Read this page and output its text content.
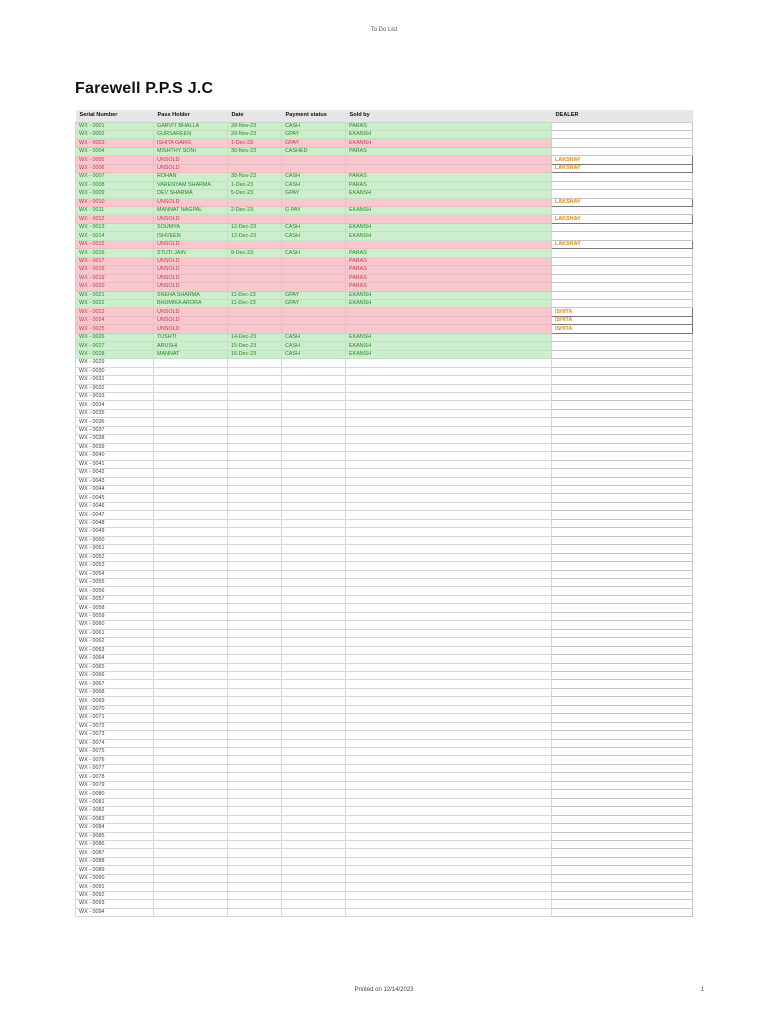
To Do List
Farewell P.P.S J.C
Serial Number	Pass Holder	Date	Payment status	Sold by	DEALER
WX - 0001	GARVIT BHALLA	28-Nov-23	CASH	PARAS	
WX - 0002	GURSAREEN	29-Nov-23	GPAY	EKANSH	
WX - 0003	ISHITA GARG	1-Dec-23	GPAY	EKANSH	
WX - 0004	MISHTHY SONI	30-Nov-23	CASHED	PARAS	
WX - 0005	UNSOLD				LAKSHAY
WX - 0006	UNSOLD				LAKSHAY
WX - 0007	ROHAN	30-Nov-23	CASH	PARAS	
WX - 0008	VARENYAM SHARMA	1-Dec-23	CASH	PARAS	
WX - 0009	DEV SHARMA	5-Dec-23	GPAY	EKANSH	
WX - 0010	UNSOLD				LAKSHAY
WX - 0011	MANNAT NAGPAL	2-Dec-23	G PAY	EKANSH	
WX - 0012	UNSOLD				LAKSHAY
WX - 0013	SOUMYA	12-Dec-23	CASH	EKANSH	
WX - 0014	ISHVEEN	12-Dec-23	CASH	EKANSH	
WX - 0015	UNSOLD				LAKSHAY
WX - 0016	STUTI JAIN	8-Dec-23	CASH	PARAS	
WX - 0017	UNSOLD			PARAS	
WX - 0018	UNSOLD			PARAS	
WX - 0019	UNSOLD			PARAS	
WX - 0020	UNSOLD			PARAS	
WX - 0021	SNEHA SHARMA	11-Dec-23	GPAY	EKANSH	
WX - 0022	BHUMIKA ARORA	11-Dec-23	GPAY	EKANSH	
WX - 0023	UNSOLD				ISHITA
WX - 0024	UNSOLD				ISHITA
WX - 0025	UNSOLD				ISHITA
WX - 0026	TUSHTI	14-Dec-23	CASH	EKANSH	
WX - 0027	ARUSHI	15-Dec-23	CASH	EKANSH	
WX - 0028	MANNAT	16-Dec-23	CASH	EKANSH	
WX - 0029					
WX - 0030					
WX - 0031					
WX - 0032					
WX - 0033					
WX - 0034					
WX - 0035					
WX - 0036					
WX - 0037					
WX - 0038					
WX - 0039					
WX - 0040					
WX - 0041					
WX - 0042					
WX - 0043					
WX - 0044					
WX - 0045					
WX - 0046					
WX - 0047					
WX - 0048					
WX - 0049					
WX - 0050					
WX - 0051					
WX - 0052					
WX - 0053					
WX - 0054					
WX - 0055					
WX - 0056					
WX - 0057					
WX - 0058					
WX - 0059					
WX - 0060					
WX - 0061					
WX - 0062					
WX - 0063					
WX - 0064					
WX - 0065					
WX - 0066					
WX - 0067					
WX - 0068					
WX - 0069					
WX - 0070					
WX - 0071					
WX - 0072					
WX - 0073					
WX - 0074					
WX - 0075					
WX - 0076					
WX - 0077					
WX - 0078					
WX - 0079					
WX - 0080					
WX - 0081					
WX - 0082					
WX - 0083					
WX - 0084					
WX - 0085					
WX - 0086					
WX - 0087					
WX - 0088					
WX - 0089					
WX - 0090					
WX - 0091					
WX - 0092					
WX - 0093					
WX - 0094					
Printed on 12/14/2023	1
